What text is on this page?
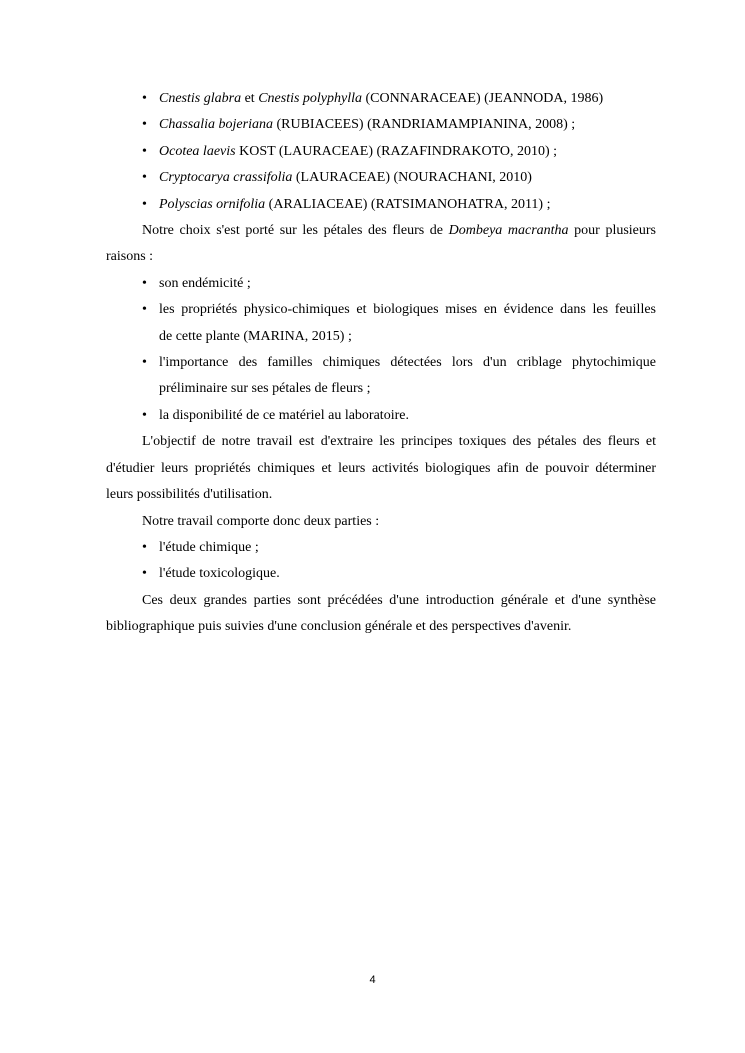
• Cnestis glabra et Cnestis polyphylla (CONNARACEAE) (JEANNODA, 1986)
• Chassalia bojeriana (RUBIACEES) (RANDRIAMAMPIANINA, 2008) ;
• Ocotea laevis KOST (LAURACEAE) (RAZAFINDRAKOTO, 2010) ;
• Cryptocarya crassifolia (LAURACEAE) (NOURACHANI, 2010)
• Polyscias ornifolia (ARALIACEAE) (RATSIMANOHATRA, 2011) ;
Notre choix s'est porté sur les pétales des fleurs de Dombeya macrantha pour plusieurs
raisons :
• son endémicité ;
• les propriétés physico-chimiques et biologiques mises en évidence dans les feuilles
de cette plante (MARINA, 2015) ;
• l'importance des familles chimiques détectées lors d'un criblage phytochimique
préliminaire sur ses pétales de fleurs ;
• la disponibilité de ce matériel au laboratoire.
L'objectif de notre travail est d'extraire les principes toxiques des pétales des fleurs et
d'étudier leurs propriétés chimiques et leurs activités biologiques afin de pouvoir déterminer
leurs possibilités d'utilisation.
Notre travail comporte donc deux parties :
• l'étude chimique ;
• l'étude toxicologique.
Ces deux grandes parties sont précédées d'une introduction générale et d'une synthèse
bibliographique puis suivies d'une conclusion générale et des perspectives d'avenir.
4
